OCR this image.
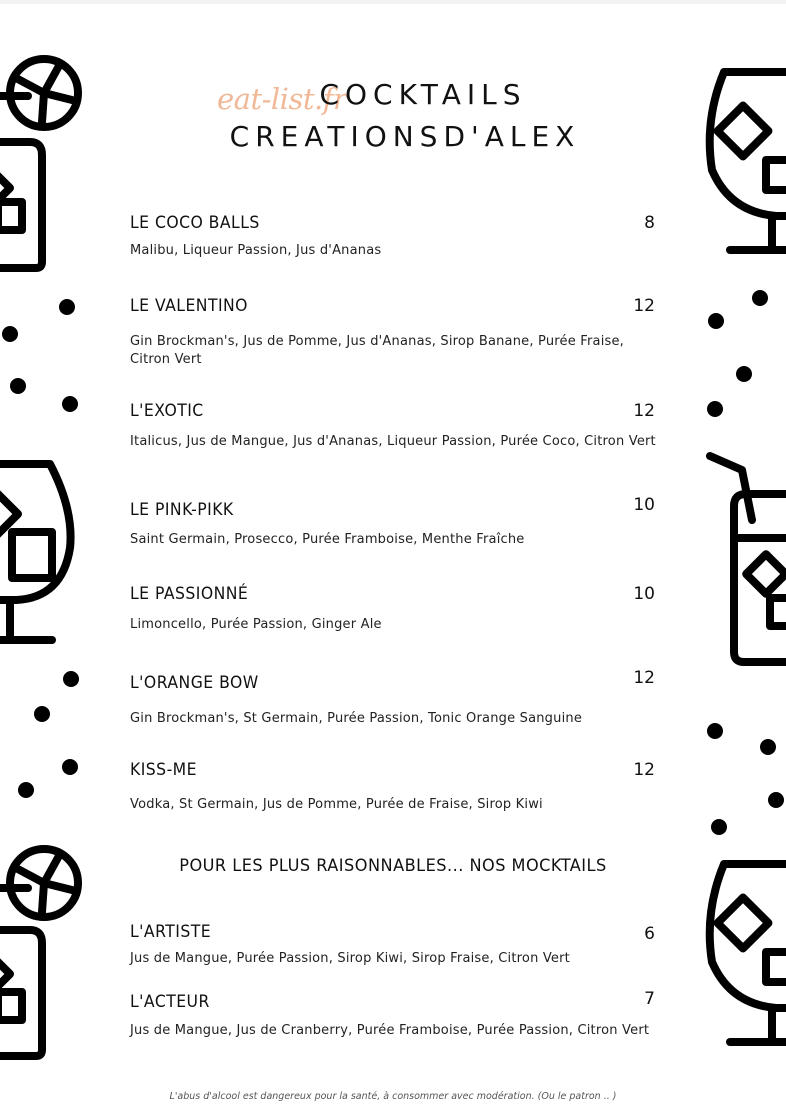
eat-list.fr
COCKTAILS
CREATIONSD'ALEX
LE COCO BALLS	8
Malibu, Liqueur Passion, Jus d'Ananas
LE VALENTINO	12
Gin Brockman's, Jus de Pomme, Jus d'Ananas, Sirop Banane, Purée Fraise, Citron Vert
L'EXOTIC	12
Italicus, Jus de Mangue, Jus d'Ananas, Liqueur Passion, Purée Coco, Citron Vert
LE PINK-PIKK	10
Saint Germain, Prosecco, Purée Framboise, Menthe Fraîche
LE PASSIONNÉ	10
Limoncello, Purée Passion, Ginger Ale
L'ORANGE BOW	12
Gin Brockman's, St Germain, Purée Passion, Tonic Orange Sanguine
KISS-ME	12
Vodka, St Germain, Jus de Pomme, Purée de Fraise, Sirop Kiwi
POUR LES PLUS RAISONNABLES... NOS MOCKTAILS
L'ARTISTE	6
Jus de Mangue, Purée Passion, Sirop Kiwi, Sirop Fraise, Citron Vert
L'ACTEUR	7
Jus de Mangue, Jus de Cranberry, Purée Framboise, Purée Passion, Citron Vert
L'abus d'alcool est dangereux pour la santé, à consommer avec modération. (Ou le patron .. )
